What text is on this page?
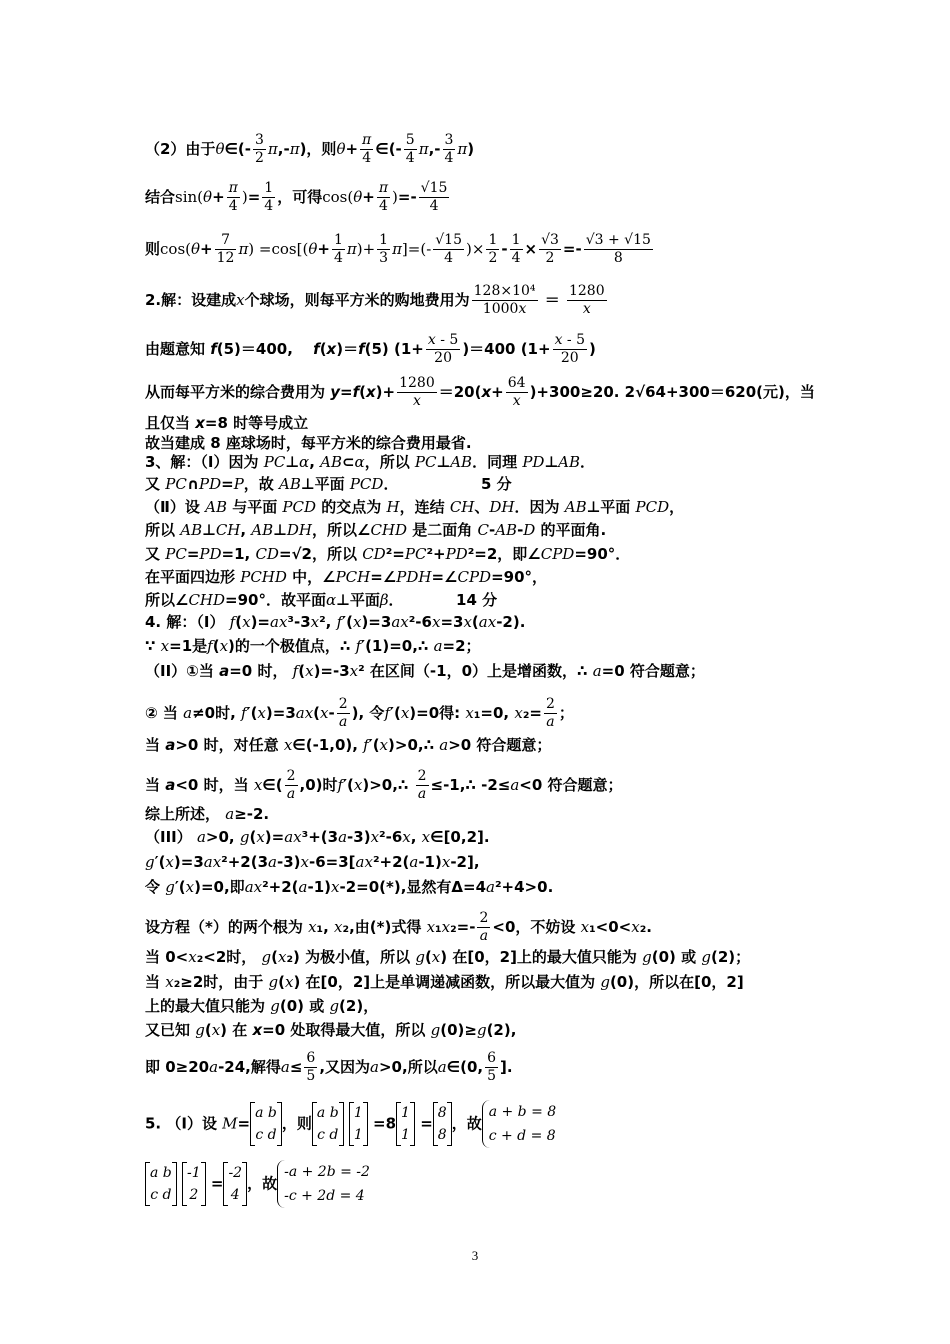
（2）由于θ∈(- $\frac{3}{2} \pi,-\pi$)，则$\theta+ \frac{\pi}{4}$ ∈(- $\frac{5}{4} \pi,- \frac{3}{4} \pi$)
结合$\sin(\theta+ \frac{\pi}{4}$ )= $\frac{1}{4}$ ，可得$\cos(\theta+ \frac{\pi}{4}$ )=- $\frac{√15}{4}$
则$\cos(\theta+ \frac{7}{12} \pi) =\cos[(\theta+ \frac{1}{4} \pi)+ \frac{1}{3} \pi]=(- \frac{√15}{4}$ )× $\frac{1}{2} - \frac{1}{4} \times \frac{√3}{2} =- \frac{√3 + √15}{8}$
2.解：设建成x个球场，则每平方米的购地费用为 $\frac{\text{128×10⁴}}{1000x} = \frac{1280}{x}$
由题意知 f(5)＝400,　 f(x)＝f(5) $(1+ \frac{x - 5}{20} )=400$ ($1+ \frac{x - 5}{20}$ )
从而每平方米的综合费用为 $y=f(x)+ \frac{1280}{x} =20(x+ \frac{64}{x} )+300\ge 20$. 2√64+300＝620(元)，当
且仅当 x=8 时等号成立
故当建成 8 座球场时，每平方米的综合费用最省.
3、解：（Ⅰ）因为 PC⊥α, AB⊂α，所以 PC⊥AB．同理 PD⊥AB．
又 PC∩PD=P，故 AB⊥平面 PCD．　　　　　　5 分
（Ⅱ）设 AB 与平面 PCD 的交点为 H，连结 CH、DH．因为 AB⊥平面 PCD，
所以 AB⊥CH, AB⊥DH，所以∠CHD 是二面角 C-AB-D 的平面角.
又 PC=PD=1, CD=√2，所以 CD²=PC²+PD²=2，即∠CPD=90°．
在平面四边形 PCHD 中，∠PCH=∠PDH=∠CPD=90°，
所以∠CHD=90°．故平面α⊥平面β．　　　　14 分
4. 解：（I） f(x)=ax³-3x², f′(x)=3ax²-6x=3x(ax-2).
∵ x=1是f(x)的一个极值点，∴ f′(1)=0,∴ a=2；
（II）①当 a=0 时， f(x)=-3x² 在区间（-1，0）上是增函数，∴ a=0 符合题意；
② 当 a≠0时, $f'(x)=3ax(x- \frac{2}{a}$ ), 令f′(x)=0得: x₁=0, $x_2= \frac{2}{a}$ ；
当 a>0 时，对任意 x∈(-1,0), f′(x)>0,∴ a>0 符合题意；
当 a<0 时，当 x∈( $\frac{2}{a} ,0$)时f′(x)>0,∴ $\frac{2}{a}$ ≤-1,∴ -2≤a<0 符合题意；
综上所述， a≥-2.
（III） a>0, g(x)=ax³+(3a-3)x²-6x, x∈[0,2].
g′(x)=3ax²+2(3a-3)x-6=3[ax²+2(a-1)x-2],
令 g′(x)=0,即ax²+2(a-1)x-2=0(*),显然有Δ=4a²+4>0.
设方程（*）的两个根为 x₁, x₂,由(*)式得 $x_1x_2=- \frac{2}{a} <0$，不妨设 x₁<0<x₂.
当 0<x₂<2时， g(x₂) 为极小值，所以 g(x) 在[0，2]上的最大值只能为 g(0) 或 g(2)；
当 x₂≥2时，由于 g(x) 在[0，2]上是单调递减函数，所以最大值为 g(0)，所以在[0，2]
上的最大值只能为 g(0) 或 g(2)，
又已知 g(x) 在 x=0 处取得最大值，所以 g(0)≥g(2),
即 0≥20a-24,解得$a\le \frac{6}{5}$ ,又因为a>0,所以a∈(0, $\frac{6}{5}$ ].
5. （Ⅰ）设 M=
a b
c d
，则
a b
c d

1
1
=8
1
1
=
8
8
，故
a + b = 8
c + d = 8
a b
c d

-1
2
=
-2
4
，故
-a + 2b = -2
-c + 2d = 4
3
